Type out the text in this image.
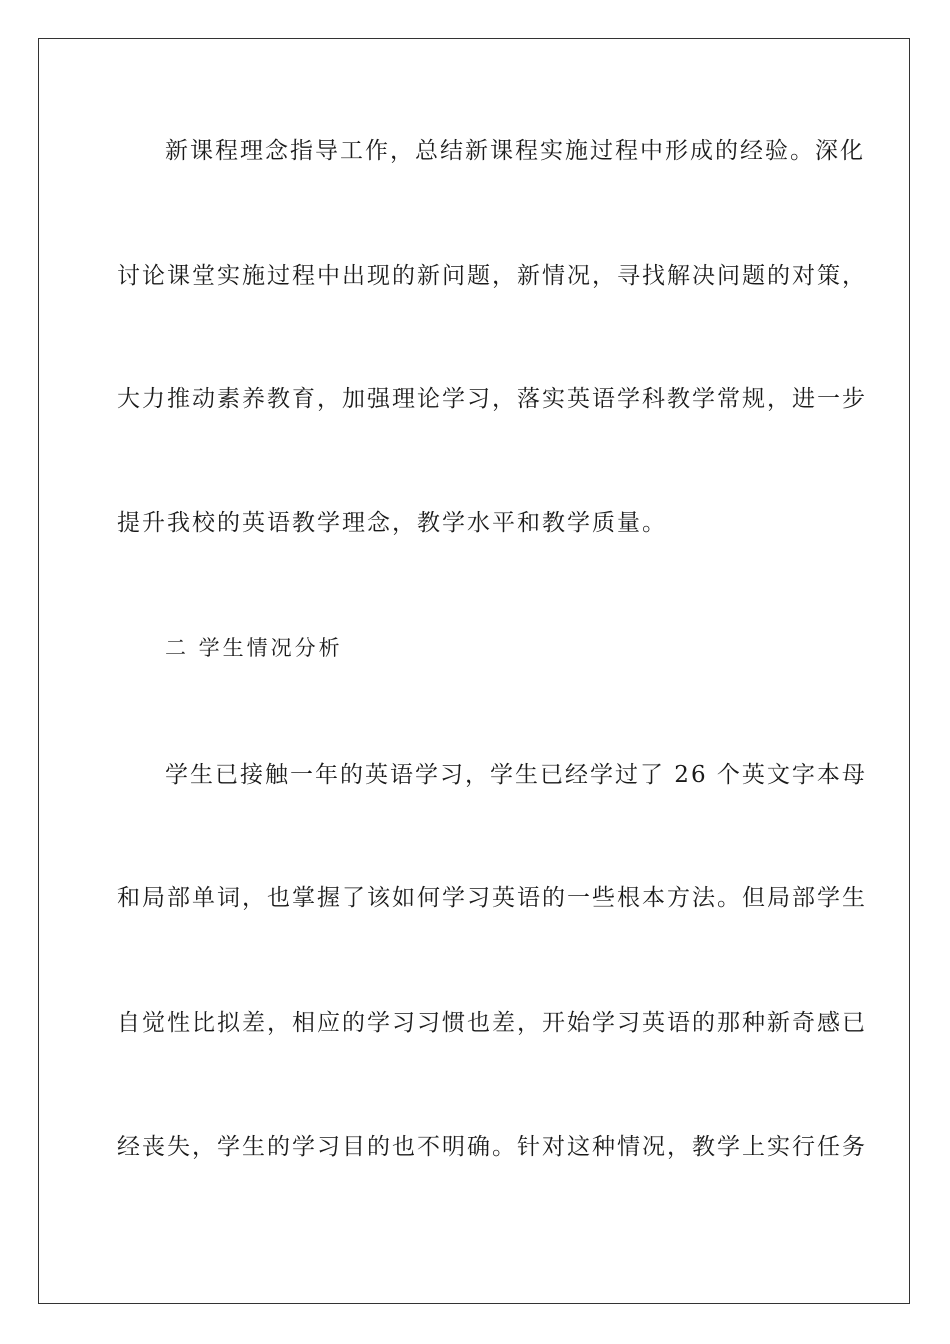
新课程理念指导工作，总结新课程实施过程中形成的经验。深化
讨论课堂实施过程中出现的新问题，新情况，寻找解决问题的对策，
大力推动素养教育，加强理论学习，落实英语学科教学常规，进一步
提升我校的英语教学理念，教学水平和教学质量。
二 学生情况分析
学生已接触一年的英语学习，学生已经学过了 26 个英文字本母
和局部单词，也掌握了该如何学习英语的一些根本方法。但局部学生
自觉性比拟差，相应的学习习惯也差，开始学习英语的那种新奇感已
经丧失，学生的学习目的也不明确。针对这种情况，教学上实行任务
